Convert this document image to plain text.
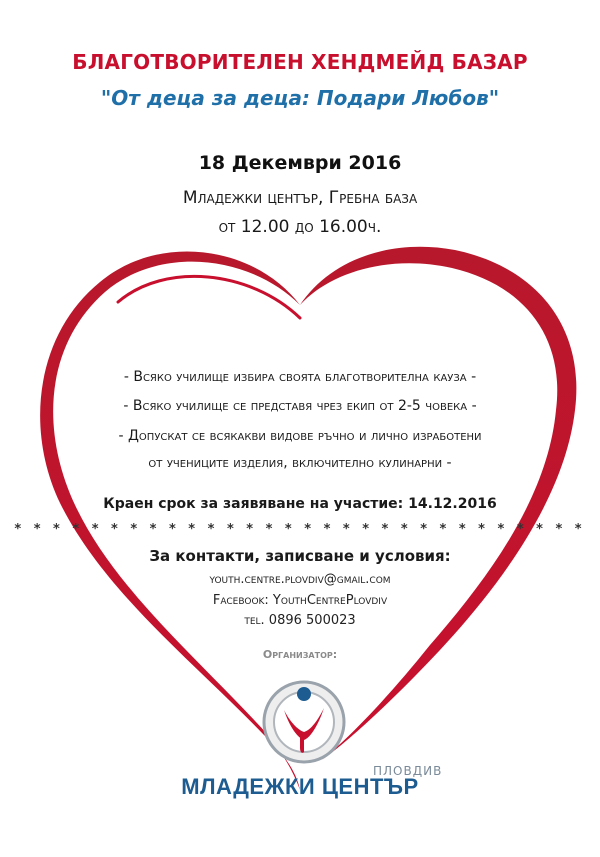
БЛАГОТВОРИТЕЛЕН ХЕНДМЕЙД БАЗАР
"От деца за деца: Подари Любов"
18 Декември 2016
Младежки център, Гребна база
от 12.00 до 16.00ч.
- Всяко училище избира своята благотворителна кауза -
- Всяко училище се представя чрез екип от 2-5 човека -
- Допускат се всякакви видове ръчно и лично изработени
от учениците изделия, включително кулинарни -
Краен срок за заявяване на участие: 14.12.2016
* * * * * * * * * * * * * * * * * * * * * * * * * * * * * *
За контакти, записване и условия:
youth.centre.plovdiv@gmail.com
Facebook: YouthCentrePlovdiv
tel. 0896 500023
Организатор:
ПЛОВДИВ
МЛАДЕЖКИ ЦЕНТЪР
